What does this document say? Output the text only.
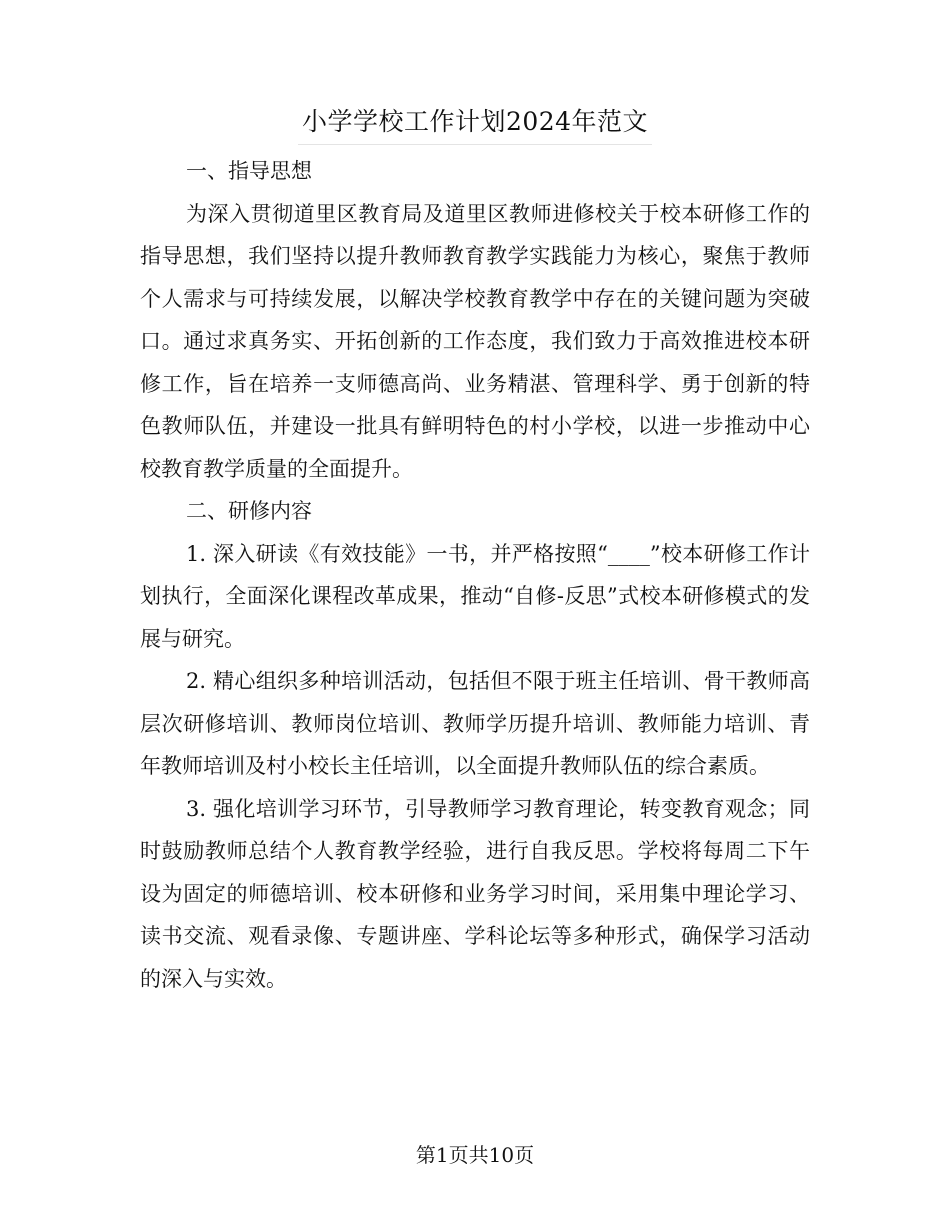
小学学校工作计划2024年范文

一、指导思想

为深入贯彻道里区教育局及道里区教师进修校关于校本研修工作的指导思想，我们坚持以提升教师教育教学实践能力为核心，聚焦于教师个人需求与可持续发展，以解决学校教育教学中存在的关键问题为突破口。通过求真务实、开拓创新的工作态度，我们致力于高效推进校本研修工作，旨在培养一支师德高尚、业务精湛、管理科学、勇于创新的特色教师队伍，并建设一批具有鲜明特色的村小学校，以进一步推动中心校教育教学质量的全面提升。

二、研修内容

1. 深入研读《有效技能》一书，并严格按照“____”校本研修工作计划执行，全面深化课程改革成果，推动“自修-反思”式校本研修模式的发展与研究。

2. 精心组织多种培训活动，包括但不限于班主任培训、骨干教师高层次研修培训、教师岗位培训、教师学历提升培训、教师能力培训、青年教师培训及村小校长主任培训，以全面提升教师队伍的综合素质。

3. 强化培训学习环节，引导教师学习教育理论，转变教育观念；同时鼓励教师总结个人教育教学经验，进行自我反思。学校将每周二下午设为固定的师德培训、校本研修和业务学习时间，采用集中理论学习、读书交流、观看录像、专题讲座、学科论坛等多种形式，确保学习活动的深入与实效。

第1页共10页
